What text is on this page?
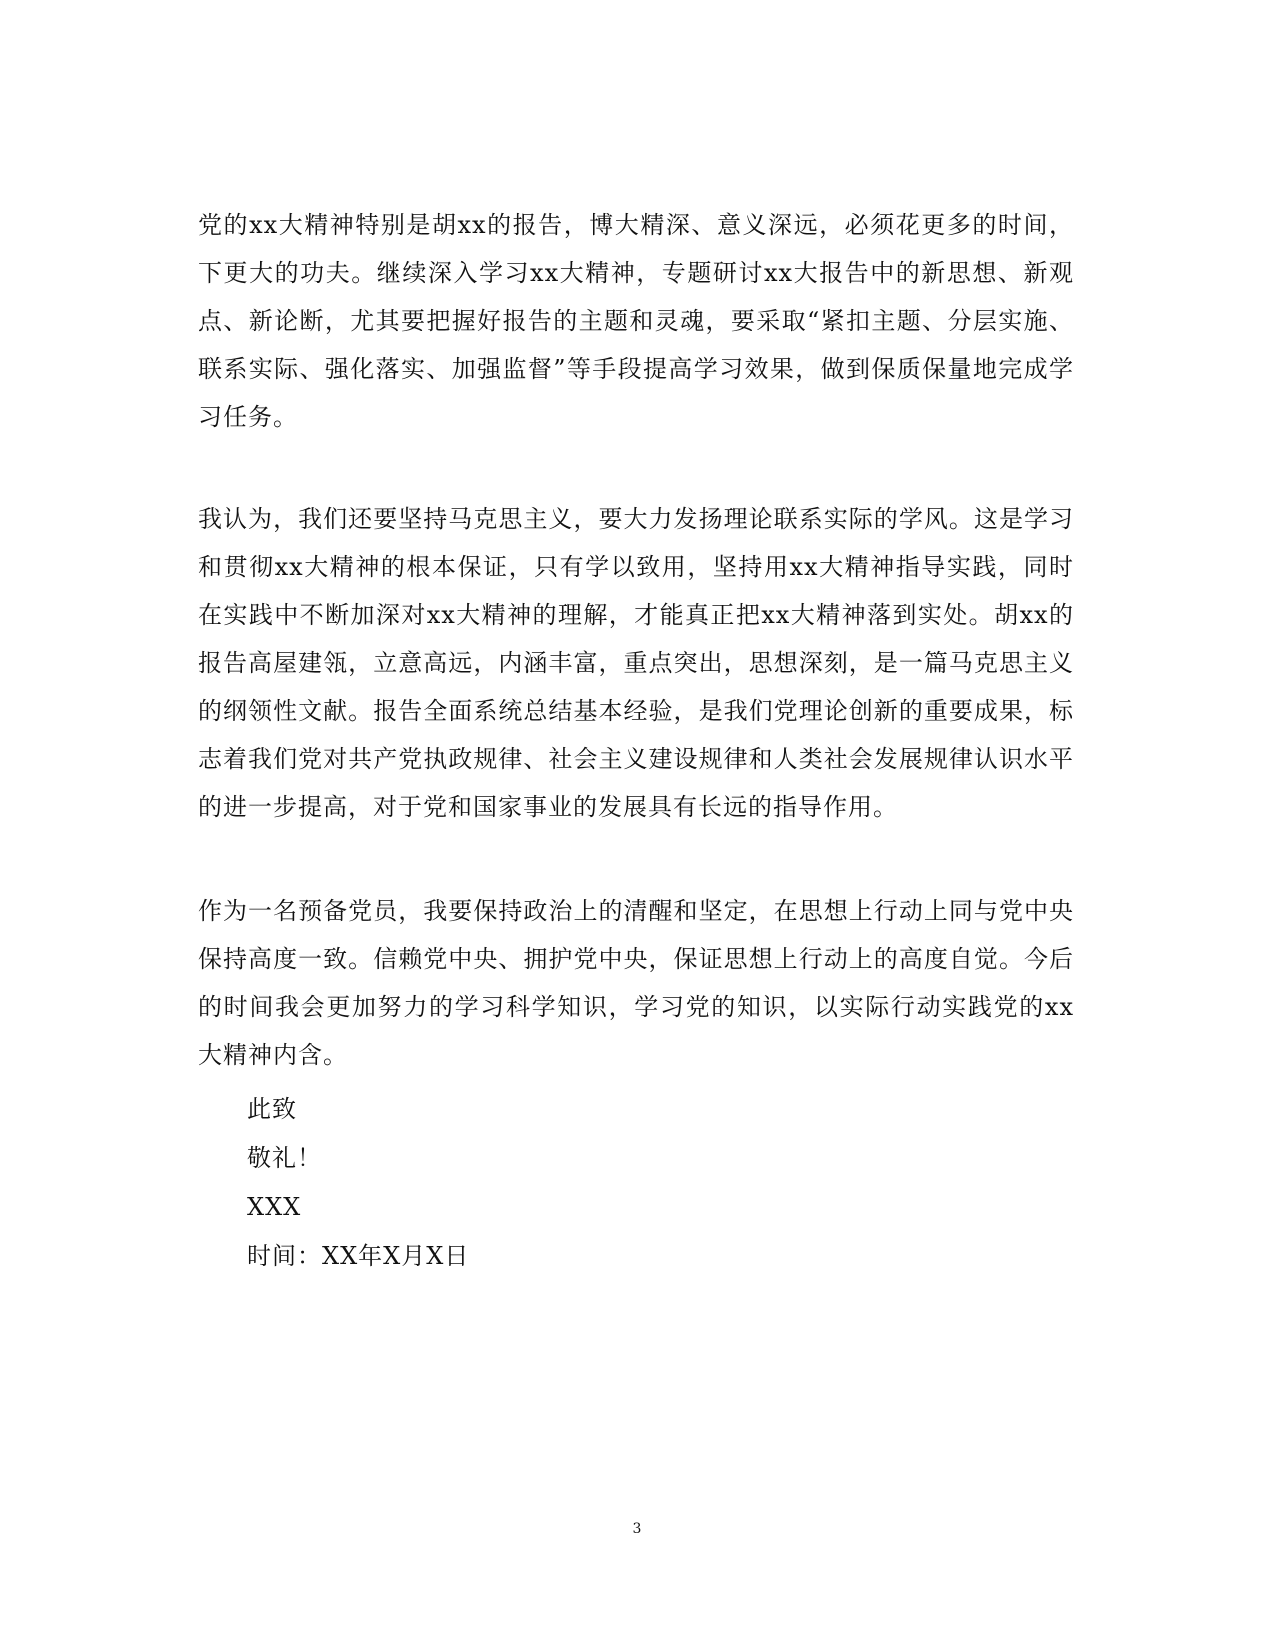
党的xx大精神特别是胡xx的报告，博大精深、意义深远，必须花更多的时间，下更大的功夫。继续深入学习xx大精神，专题研讨xx大报告中的新思想、新观点、新论断，尤其要把握好报告的主题和灵魂，要采取“紧扣主题、分层实施、联系实际、强化落实、加强监督”等手段提高学习效果，做到保质保量地完成学习任务。

我认为，我们还要坚持马克思主义，要大力发扬理论联系实际的学风。这是学习和贯彻xx大精神的根本保证，只有学以致用，坚持用xx大精神指导实践，同时在实践中不断加深对xx大精神的理解，才能真正把xx大精神落到实处。胡xx的报告高屋建瓴，立意高远，内涵丰富，重点突出，思想深刻，是一篇马克思主义的纲领性文献。报告全面系统总结基本经验，是我们党理论创新的重要成果，标志着我们党对共产党执政规律、社会主义建设规律和人类社会发展规律认识水平的进一步提高，对于党和国家事业的发展具有长远的指导作用。

作为一名预备党员，我要保持政治上的清醒和坚定，在思想上行动上同与党中央保持高度一致。信赖党中央、拥护党中央，保证思想上行动上的高度自觉。今后的时间我会更加努力的学习科学知识，学习党的知识，以实际行动实践党的xx大精神内含。

此致

敬礼！

XXX

时间：XX年X月X日

3
